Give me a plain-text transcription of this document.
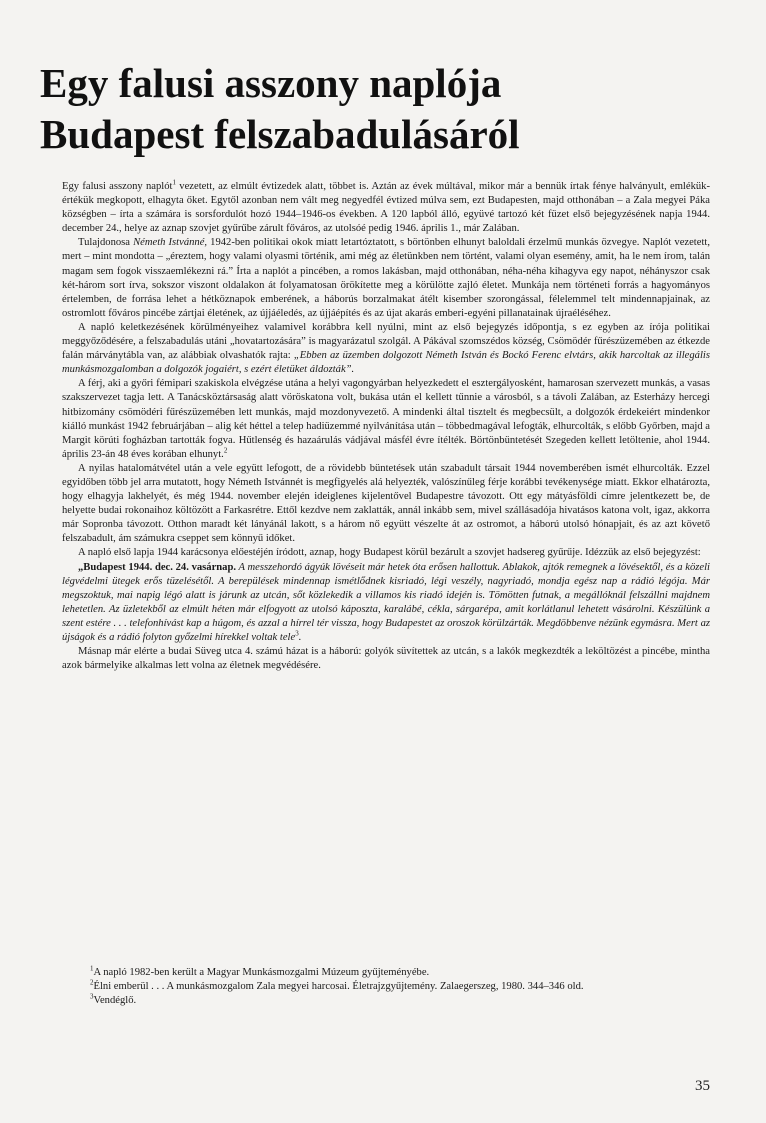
Egy falusi asszony naplója
Budapest felszabadulásáról

Egy falusi asszony naplót$^1$ vezetett, az elmúlt évtizedek alatt, többet is. Aztán az évek múltával, mikor már a bennük írtak fénye halványult, emlékük-értékük megkopott, elhagyta őket. Egytől azonban nem vált meg negyedfél évtized múlva sem, ezt Budapesten, majd otthonában – a Zala megyei Páka községben – írta a számára is sorsfordulót hozó 1944–1946-os években. A 120 lapból álló, együvé tartozó két füzet első bejegyzésének napja 1944. december 24., helye az aznap szovjet gyűrűbe zárult főváros, az utolsóé pedig 1946. április 1., már Zalában.

Tulajdonosa Németh Istvánné, 1942-ben politikai okok miatt letartóztatott, s börtönben elhunyt baloldali érzelmű munkás özvegye. Naplót vezetett, mert – mint mondotta – „éreztem, hogy valami olyasmi történik, ami még az életünkben nem történt, valami olyan esemény, amit, ha le nem írom, talán magam sem fogok visszaemlékezni rá.” Írta a naplót a pincében, a romos lakásban, majd otthonában, néha-néha kihagyva egy napot, néhányszor csak két-három sort írva, sokszor viszont oldalakon át folyamatosan örökítette meg a körülötte zajló életet. Munkája nem történeti forrás a hagyományos értelemben, de forrása lehet a hétköznapok emberének, a háborús borzalmakat átélt kisember szorongással, félelemmel telt mindennapjainak, az ostromlott főváros pincébe zártjai életének, az újjáéledés, az újjáépítés és az újat akarás emberi-egyéni pillanatainak újraéléséhez.

A napló keletkezésének körülményeihez valamivel korábbra kell nyúlni, mint az első bejegyzés időpontja, s ez egyben az írója politikai meggyőződésére, a felszabadulás utáni „hovatartozására” is magyarázatul szolgál. A Pákával szomszédos község, Csömödér fűrészüzemében az étkezde falán márványtábla van, az alábbiak olvashatók rajta: „Ebben az üzemben dolgozott Németh István és Bockó Ferenc elvtárs, akik harcoltak az illegális munkásmozgalomban a dolgozók jogaiért, s ezért életüket áldozták”.

A férj, aki a győri fémipari szakiskola elvégzése utána a helyi vagongyárban helyezkedett el esztergályosként, hamarosan szervezett munkás, a vasas szakszervezet tagja lett. A Tanácsköztársaság alatt vöröskatona volt, bukása után el kellett tűnnie a városból, s a távoli Zalában, az Esterházy hercegi hitbizomány csömödéri fűrészüzemében lett munkás, majd mozdonyvezető. A mindenki által tisztelt és megbecsült, a dolgozók érdekeiért mindenkor kiálló munkást 1942 februárjában – alig két héttel a telep hadiüzemmé nyilvánítása után – többedmagával lefogták, elhurcolták, s előbb Győrben, majd a Margit körúti fogházban tartották fogva. Hűtlenség és hazaárulás vádjával másfél évre ítélték. Börtönbüntetését Szegeden kellett letöltenie, ahol 1944. április 23-án 48 éves korában elhunyt.$^2$

A nyilas hatalomátvétel után a vele együtt lefogott, de a rövidebb büntetések után szabadult társait 1944 novemberében ismét elhurcolták. Ezzel egyidőben több jel arra mutatott, hogy Németh Istvánnét is megfigyelés alá helyezték, valószínűleg férje korábbi tevékenysége miatt. Ekkor elhatározta, hogy elhagyja lakhelyét, és még 1944. november elején ideiglenes kijelentővel Budapestre távozott. Ott egy mátyásföldi címre jelentkezett be, de helyette budai rokonaihoz költözött a Farkasrétre. Ettől kezdve nem zaklatták, annál inkább sem, mivel szállásadója hivatásos katona volt, igaz, akkorra már Sopronba távozott. Otthon maradt két lányánál lakott, s a három nő együtt vészelte át az ostromot, a háború utolsó hónapjait, és az azt követő felszabadult, ám számukra cseppet sem könnyű időket.

A napló első lapja 1944 karácsonya előestéjén íródott, aznap, hogy Budapest körül bezárult a szovjet hadsereg gyűrűje. Idézzük az első bejegyzést:

„Budapest 1944. dec. 24. vasárnap. A messzehordó ágyúk lövéseit már hetek óta erősen hallottuk. Ablakok, ajtók remegnek a lövésektől, és a közeli légvédelmi ütegek erős tüzelésétől. A berepülések mindennap ismétlődnek kisriadó, légi veszély, nagyriadó, mondja egész nap a rádió légója. Már megszoktuk, mai napig légó alatt is járunk az utcán, sőt közlekedik a villamos kis riadó idején is. Tömötten futnak, a megállóknál felszállni majdnem lehetetlen. Az üzletekből az elmúlt héten már elfogyott az utolsó káposzta, karalábé, cékla, sárgarépa, amit korlátlanul lehetett vásárolni. Készülünk a szent estére . . . telefonhívást kap a húgom, és azzal a hírrel tér vissza, hogy Budapestet az oroszok körülzárták. Megdöbbenve nézünk egymásra. Mert az újságok és a rádió folyton győzelmi hírekkel voltak tele$^3$.

Másnap már elérte a budai Süveg utca 4. számú házat is a háború: golyók süvítettek az utcán, s a lakók megkezdték a leköltözést a pincébe, mintha azok bármelyike alkalmas lett volna az életnek megvédésére.

$^1$A napló 1982-ben került a Magyar Munkásmozgalmi Múzeum gyűjteményébe.
$^2$Élni emberül . . . A munkásmozgalom Zala megyei harcosai. Életrajzgyűjtemény. Zalaegerszeg, 1980. 344–346 old.
$^3$Vendéglő.
35
